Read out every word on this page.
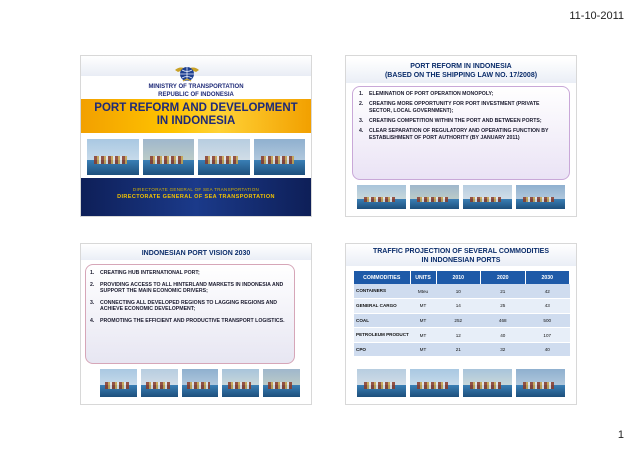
11-10-2011
MINISTRY OF TRANSPORTATION
REPUBLIC OF INDONESIA
PORT REFORM AND DEVELOPMENT
IN INDONESIA
DIRECTORATE GENERAL OF SEA TRANSPORTATION
DIRECTORATE GENERAL OF SEA TRANSPORTATION
PORT REFORM IN INDONESIA
(BASED ON THE SHIPPING LAW NO. 17/2008)
1.	ELEMINATION OF PORT OPERATION MONOPOLY;
2.	CREATING MORE OPPORTUNITY FOR PORT INVESTMENT (PRIVATE SECTOR, LOCAL GOVERNMENT);
3.	CREATING COMPETITION WITHIN THE PORT AND BETWEEN PORTS;
4.	CLEAR SEPARATION OF REGULATORY AND OPERATING FUNCTION BY ESTABLISHMENT OF PORT AUTHORITY (BY JANUARY 2011)
INDONESIAN PORT VISION 2030
1.	CREATING HUB INTERNATIONAL PORT;
2.	PROVIDING ACCESS TO ALL HINTERLAND MARKETS IN INDONESIA AND SUPPORT THE MAIN ECONOMIC DRIVERS;
3.	CONNECTING ALL DEVELOPED REGIONS TO LAGGING REGIONS AND ACHIEVE ECONOMIC DEVELOPMENT;
4.	PROMOTING THE EFFICIENT AND PRODUCTIVE TRANSPORT LOGISTICS.
TRAFFIC PROJECTION OF SEVERAL COMMODITIES
IN INDONESIAN PORTS
COMMODITIES	UNITS	2010	2020	2030
CONTAINERS	Mteu	10	21	42
GENERAL CARGO	MT	14	25	43
COAL	MT	252	468	500
PETROLEUM PRODUCT	MT	12	40	107
CPO	MT	21	32	40
1
